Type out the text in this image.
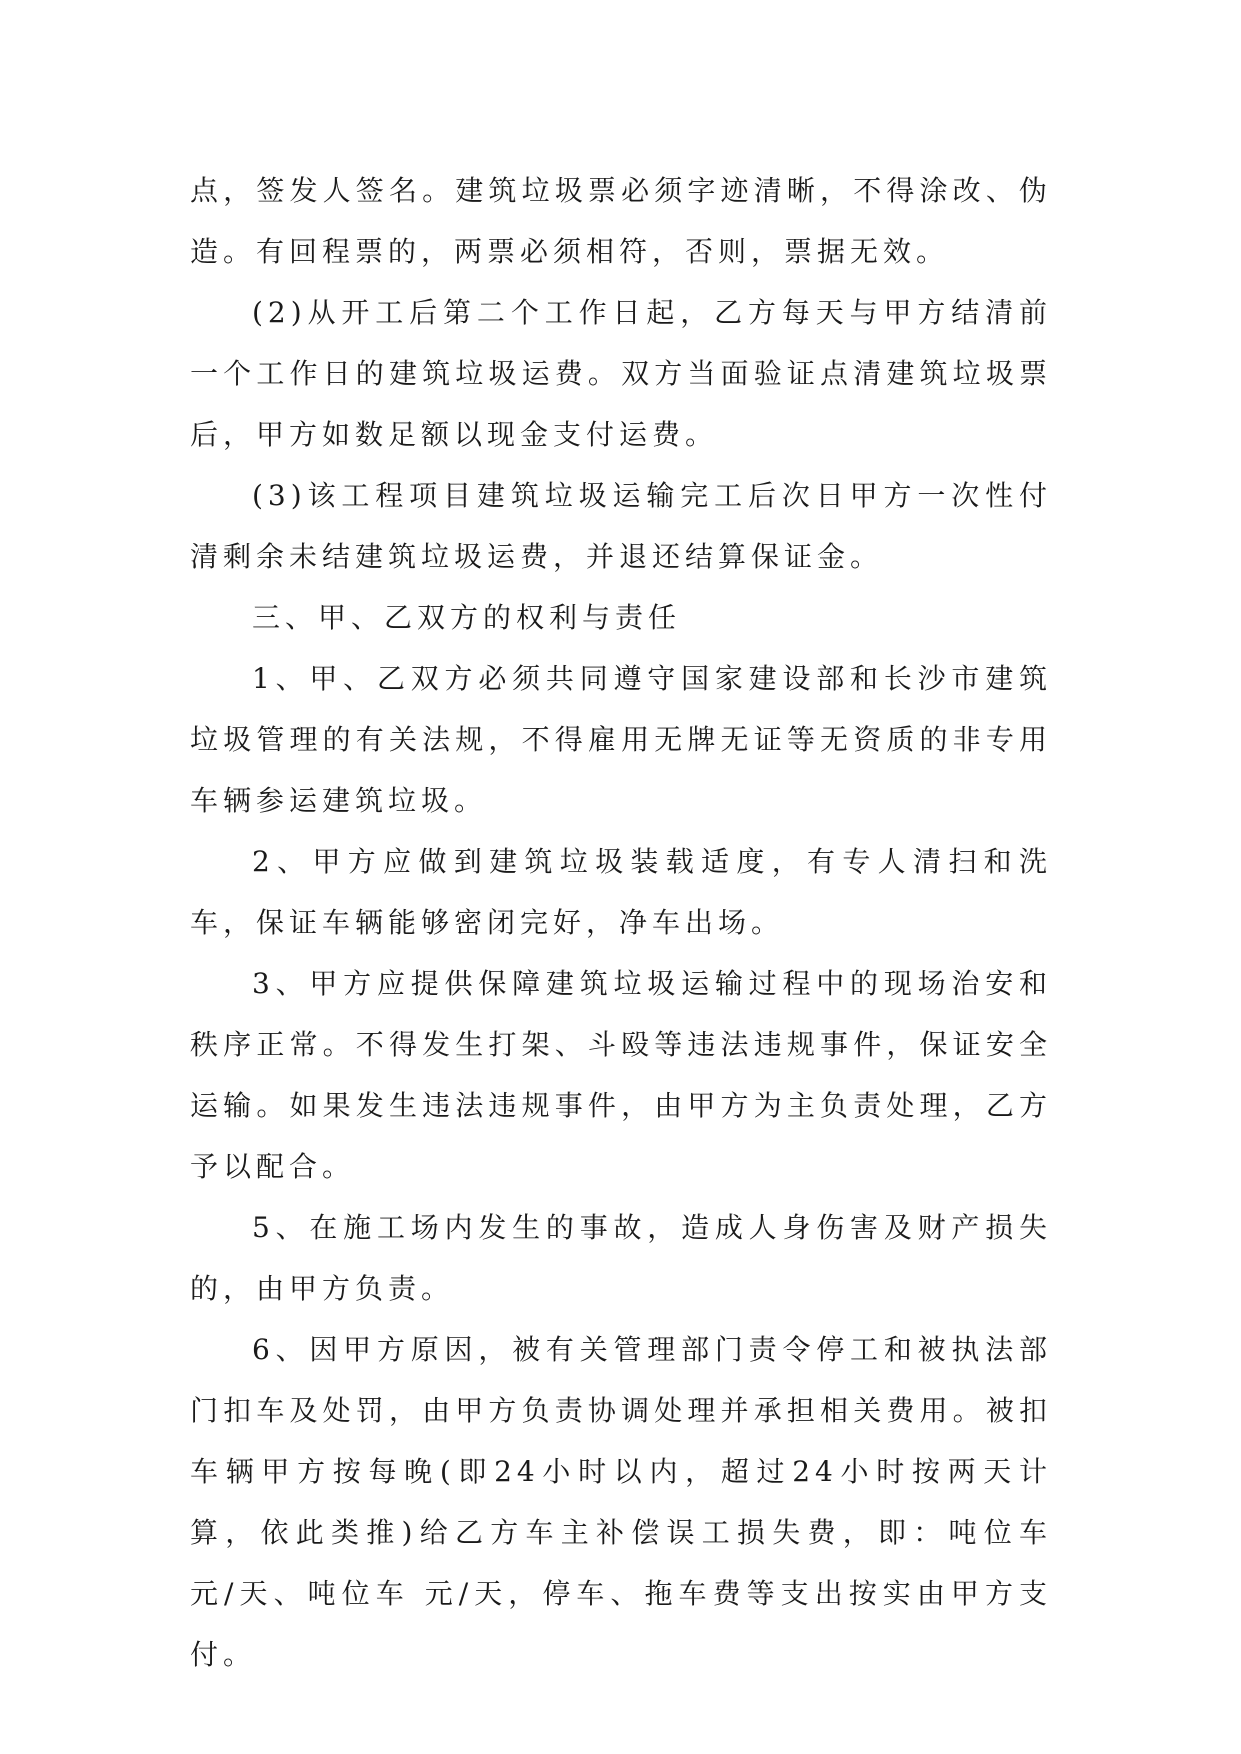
点，签发人签名。建筑垃圾票必须字迹清晰，不得涂改、伪造。有回程票的，两票必须相符，否则，票据无效。

(2)从开工后第二个工作日起，乙方每天与甲方结清前一个工作日的建筑垃圾运费。双方当面验证点清建筑垃圾票后，甲方如数足额以现金支付运费。

(3)该工程项目建筑垃圾运输完工后次日甲方一次性付清剩余未结建筑垃圾运费，并退还结算保证金。

三、甲、乙双方的权利与责任

1、甲、乙双方必须共同遵守国家建设部和长沙市建筑垃圾管理的有关法规，不得雇用无牌无证等无资质的非专用车辆参运建筑垃圾。

2、甲方应做到建筑垃圾装载适度，有专人清扫和洗车，保证车辆能够密闭完好，净车出场。

3、甲方应提供保障建筑垃圾运输过程中的现场治安和秩序正常。不得发生打架、斗殴等违法违规事件，保证安全运输。如果发生违法违规事件，由甲方为主负责处理，乙方予以配合。

5、在施工场内发生的事故，造成人身伤害及财产损失的，由甲方负责。

6、因甲方原因，被有关管理部门责令停工和被执法部门扣车及处罚，由甲方负责协调处理并承担相关费用。被扣车辆甲方按每晚(即24小时以内，超过24小时按两天计算，依此类推)给乙方车主补偿误工损失费，即：吨位车 元/天、吨位车 元/天，停车、拖车费等支出按实由甲方支付。
